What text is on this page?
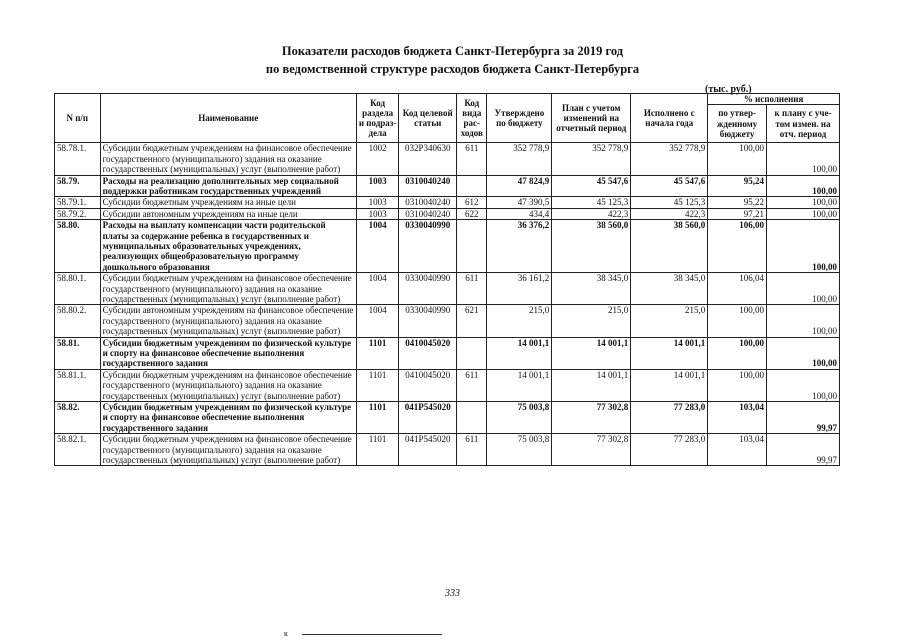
Показатели расходов бюджета Санкт-Петербурга за 2019 год
по ведомственной структуре расходов бюджета Санкт-Петербурга
(тыс. руб.)
N п/п	Наименование	Код раздела и подраз-дела	Код целевой статьи	Код вида рас-ходов	Утверждено по бюджету	План с учетом изменений на отчетный период	Исполнено с начала года	% исполнения	
								по утвер-жденному бюджету	к плану с уче-том измен. на отч. период
58.78.1.	Субсидии бюджетным учреждениям на финансовое обеспечение государственного (муниципального) задания на оказание государственных (муниципальных) услуг (выполнение работ)	1002	032Р340630	611	352 778,9	352 778,9	352 778,9	100,00	100,00
58.79.	Расходы на реализацию дополнительных мер социальной поддержки работникам государственных учреждений	1003	0310040240		47 824,9	45 547,6	45 547,6	95,24	100,00
58.79.1.	Субсидии бюджетным учреждениям на иные цели	1003	0310040240	612	47 390,5	45 125,3	45 125,3	95,22	100,00
58.79.2.	Субсидии автономным учреждениям на иные цели	1003	0310040240	622	434,4	422,3	422,3	97,21	100,00
58.80.	Расходы на выплату компенсации части родительской платы за содержание ребенка в государственных и муниципальных образовательных учреждениях, реализующих общеобразовательную программу дошкольного образования	1004	0330040990		36 376,2	38 560,0	38 560,0	106,00	100,00
58.80.1.	Субсидии бюджетным учреждениям на финансовое обеспечение государственного (муниципального) задания на оказание государственных (муниципальных) услуг (выполнение работ)	1004	0330040990	611	36 161,2	38 345,0	38 345,0	106,04	100,00
58.80.2.	Субсидии автономным учреждениям на финансовое обеспечение государственного (муниципального) задания на оказание государственных (муниципальных) услуг (выполнение работ)	1004	0330040990	621	215,0	215,0	215,0	100,00	100,00
58.81.	Субсидии бюджетным учреждениям по физической культуре и спорту на финансовое обеспечение выполнения государственного задания	1101	0410045020		14 001,1	14 001,1	14 001,1	100,00	100,00
58.81.1.	Субсидии бюджетным учреждениям на финансовое обеспечение государственного (муниципального) задания на оказание государственных (муниципальных) услуг (выполнение работ)	1101	0410045020	611	14 001,1	14 001,1	14 001,1	100,00	100,00
58.82.	Субсидии бюджетным учреждениям по физической культуре и спорту на финансовое обеспечение выполнения государственного задания	1101	041Р545020		75 003,8	77 302,8	77 283,0	103,04	99,97
58.82.1.	Субсидии бюджетным учреждениям на финансовое обеспечение государственного (муниципального) задания на оказание государственных (муниципальных) услуг (выполнение работ)	1101	041Р545020	611	75 003,8	77 302,8	77 283,0	103,04	99,97
333
к
